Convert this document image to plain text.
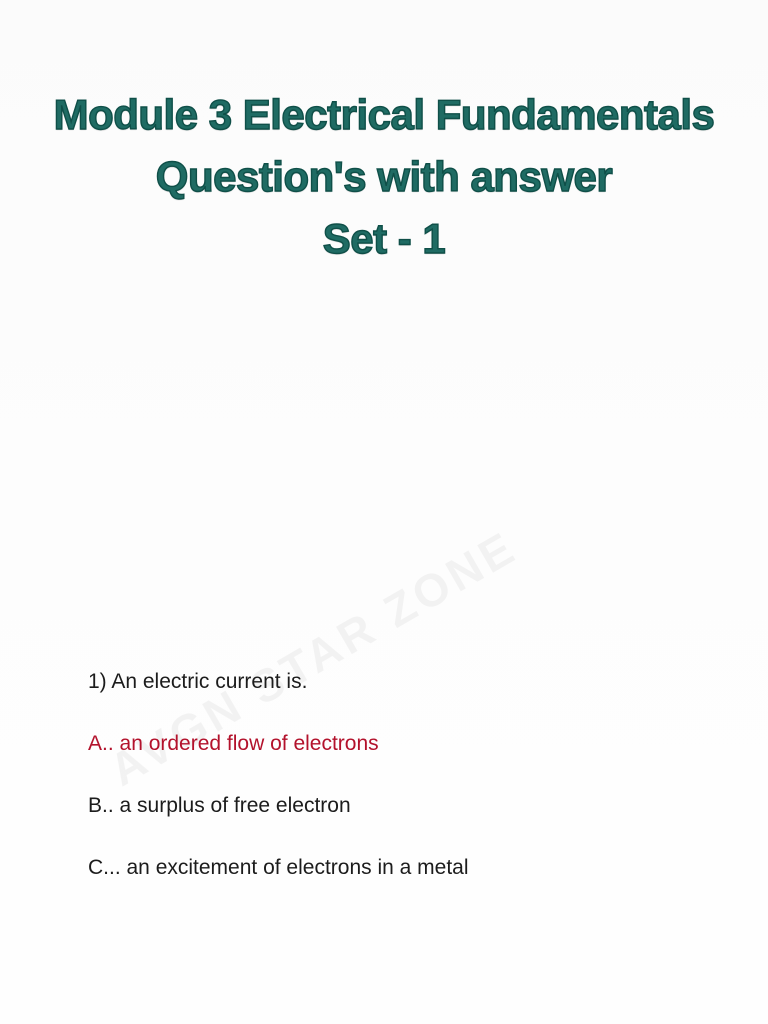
Module 3 Electrical Fundamentals
Question's with answer
Set - 1
1) An electric current is.
A.. an ordered flow of electrons
B.. a surplus of free electron
C... an excitement of electrons in a metal
